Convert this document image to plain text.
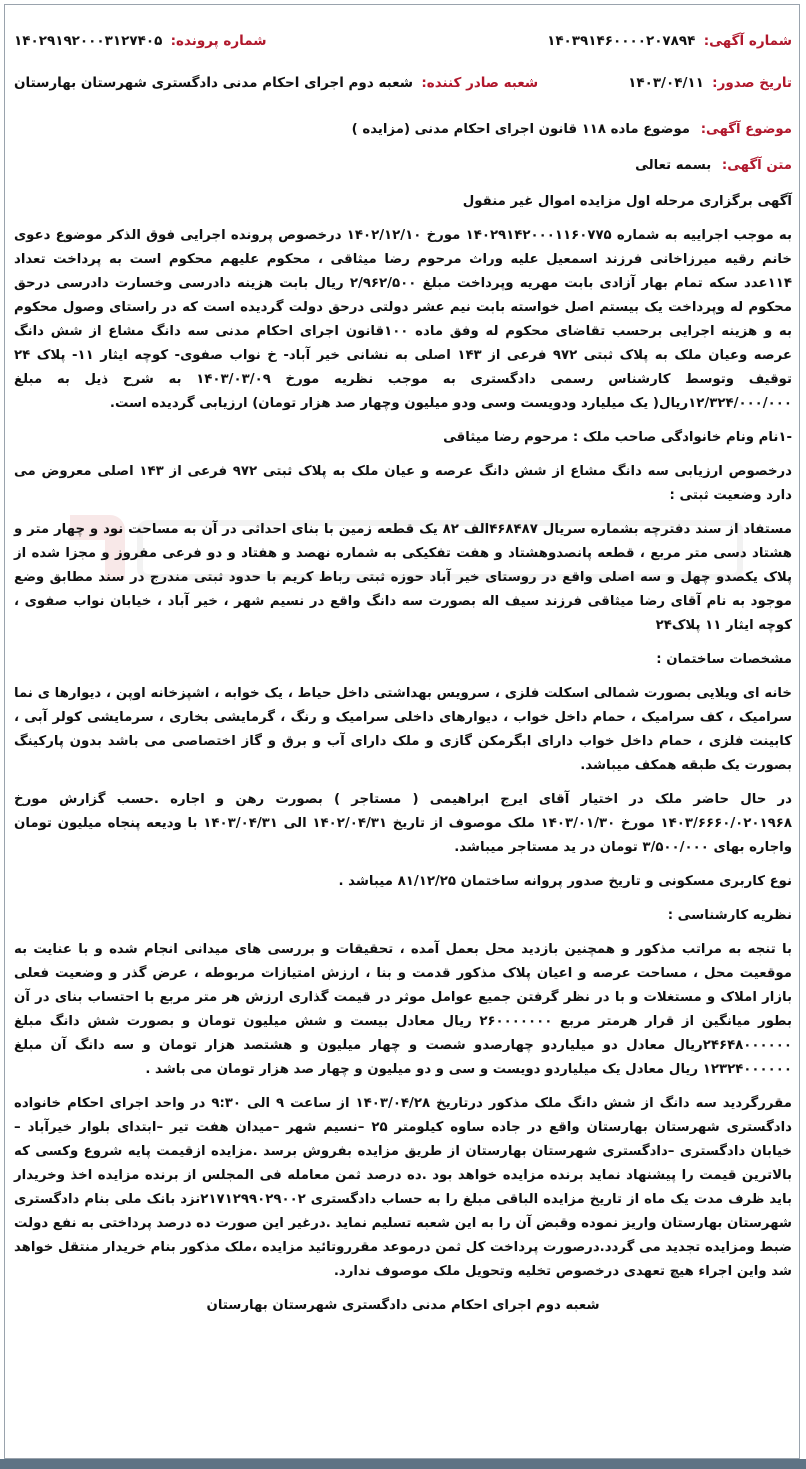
شماره آگهی: ۱۴۰۳۹۱۴۶۰۰۰۰۲۰۷۸۹۴
شماره پرونده: ۱۴۰۲۹۱۹۲۰۰۰۳۱۲۷۴۰۵
تاریخ صدور: ۱۴۰۳/۰۴/۱۱
شعبه صادر کننده: شعبه دوم اجرای احکام مدنی دادگستری شهرستان بهارستان
موضوع آگهی: موضوع ماده ۱۱۸ قانون اجرای احکام مدنی (مزایده )
متن آگهی: بسمه تعالی

آگهی برگزاری مرحله اول مزایده اموال غیر منقول

به موجب اجراییه به شماره ۱۴۰۲۹۱۴۲۰۰۰۱۱۶۰۷۷۵ مورخ ۱۴۰۲/۱۲/۱۰ درخصوص پرونده اجرایی فوق الذکر موضوع دعوی خانم رقیه میرزاخانی فرزند اسمعیل علیه وراث مرحوم رضا میثاقی ، محکوم علیهم محکوم است به پرداخت تعداد ۱۱۴عدد سکه تمام بهار آزادی بابت مهریه وپرداخت مبلغ ۲/۹۶۲/۵۰۰ ریال بابت هزینه دادرسی وخسارت دادرسی درحق محکوم له وپرداخت یک بیستم اصل خواسته بابت نیم عشر دولتی درحق دولت گردیده است که در راستای وصول محکوم به و هزینه اجرایی برحسب تقاضای محکوم له وفق ماده ۱۰۰قانون اجرای احکام مدنی سه دانگ مشاع از شش دانگ عرصه وعیان ملک به پلاک ثبتی ۹۷۲ فرعی از ۱۴۳ اصلی به نشانی خیر آباد- خ نواب صفوی- کوچه ایثار ۱۱- پلاک ۲۴ توقیف وتوسط کارشناس رسمی دادگستری به موجب نظریه مورخ ۱۴۰۳/۰۳/۰۹ به شرح ذیل به مبلغ ۱۲/۳۲۴/۰۰۰/۰۰۰ریال( یک میلیارد ودویست وسی ودو میلیون وچهار صد هزار تومان) ارزیابی گردیده است.

-۱نام ونام خانوادگی صاحب ملک : مرحوم رضا میثاقی

درخصوص ارزیابی سه دانگ مشاع از شش دانگ عرصه و عیان ملک به پلاک ثبتی ۹۷۲ فرعی از ۱۴۳ اصلی معروض می دارد وضعیت ثبتی :

مستفاد از سند دفترچه بشماره سریال ۴۶۸۴۸۷الف ۸۲ یک قطعه زمین با بنای احداثی در آن به مساحت نود و چهار متر و هشتاد دسی متر مربع ، قطعه پانصدوهشتاد و هفت تفکیکی به شماره نهصد و هفتاد و دو فرعی مفروز و مجزا شده از پلاک یکصدو چهل و سه اصلی واقع در روستای خیر آباد حوزه ثبتی رباط کریم با حدود ثبتی مندرج در سند مطابق وضع موجود به نام آقای رضا میثاقی فرزند سیف اله بصورت سه دانگ واقع در نسیم شهر ، خیر آباد ، خیابان نواب صفوی ، کوچه ایثار ۱۱ پلاک۲۴

مشخصات ساختمان :

خانه ای ویلایی بصورت شمالی اسکلت فلزی ، سرویس بهداشتی داخل حیاط ، یک خوابه ، اشپزخانه اوپن ، دیوارها ی نما سرامیک ، کف سرامیک ، حمام داخل خواب ، دیوارهای داخلی سرامیک و رنگ ، گرمایشی بخاری ، سرمایشی کولر آبی ، کابینت فلزی ، حمام داخل خواب دارای ابگرمکن گازی و ملک دارای آب و برق و گاز اختصاصی می باشد بدون پارکینگ بصورت یک طبقه همکف میباشد.

در حال حاضر ملک در اختیار آقای ایرج ابراهیمی ( مستاجر ) بصورت رهن و اجاره .حسب گزارش مورخ ۱۴۰۳/۶۶۶۰/۰۲۰۱۹۶۸ مورخ ۱۴۰۳/۰۱/۳۰ ملک موصوف از تاریخ ۱۴۰۲/۰۴/۳۱ الی ۱۴۰۳/۰۴/۳۱ با ودیعه پنجاه میلیون تومان واجاره بهای ۳/۵۰۰/۰۰۰ تومان در ید مستاجر میباشد.

نوع کاربری مسکونی و تاریخ صدور پروانه ساختمان ۸۱/۱۲/۲۵ میباشد .

نظریه کارشناسی :

با تنجه به مراتب مذکور و همچنین بازدید محل بعمل آمده ، تحقیقات و بررسی های میدانی انجام شده و با عنایت به موقعیت محل ، مساحت عرصه و اعیان پلاک مذکور قدمت و بنا ، ارزش امتیازات مربوطه ، عرض گذر و وضعیت فعلی بازار املاک و مستغلات و با در نظر گرفتن جمیع عوامل موثر در قیمت گذاری ارزش هر متر مربع با احتساب بنای در آن بطور میانگین از قرار هرمتر مربع ۲۶۰۰۰۰۰۰۰ ریال معادل بیست و شش میلیون تومان و بصورت شش دانگ مبلغ ۲۴۶۴۸۰۰۰۰۰۰ریال معادل دو میلیاردو چهارصدو شصت و چهار میلیون و هشتصد هزار تومان و سه دانگ آن مبلغ ۱۲۳۲۴۰۰۰۰۰۰ ریال معادل یک میلیاردو دویست و سی و دو میلیون و چهار صد هزار تومان می باشد .

مقررگردید سه دانگ از شش دانگ ملک مذکور درتاریخ ۱۴۰۳/۰۴/۲۸ از ساعت ۹ الی ۹:۳۰ در واحد اجرای احکام خانواده دادگستری شهرستان بهارستان واقع در جاده ساوه کیلومتر ۲۵ –نسیم شهر –میدان هفت تیر –ابتدای بلوار خیرآباد – خیابان دادگستری –دادگستری شهرستان بهارستان از طریق مزایده بفروش برسد .مزایده ازقیمت پایه شروع وکسی که بالاترین قیمت را پیشنهاد نماید برنده مزایده خواهد بود .ده درصد ثمن معامله فی المجلس از برنده مزایده اخذ وخریدار باید ظرف مدت یک ماه از تاریخ مزایده الباقی مبلغ را به حساب دادگستری ۲۱۷۱۲۹۹۰۲۹۰۰۲نزد بانک ملی بنام دادگستری شهرستان بهارستان واریز نموده وقبض آن را به این شعبه تسلیم نماید .درغیر این صورت ده درصد پرداختی به نفع دولت ضبط ومزایده تجدید می گردد.درصورت پرداخت کل ثمن درموعد مقرروتائید مزایده ،ملک مذکور بنام خریدار منتقل خواهد شد واین اجراء هیچ تعهدی درخصوص تخلیه وتحویل ملک موصوف ندارد.

شعبه دوم اجرای احکام مدنی دادگستری شهرستان بهارستان
